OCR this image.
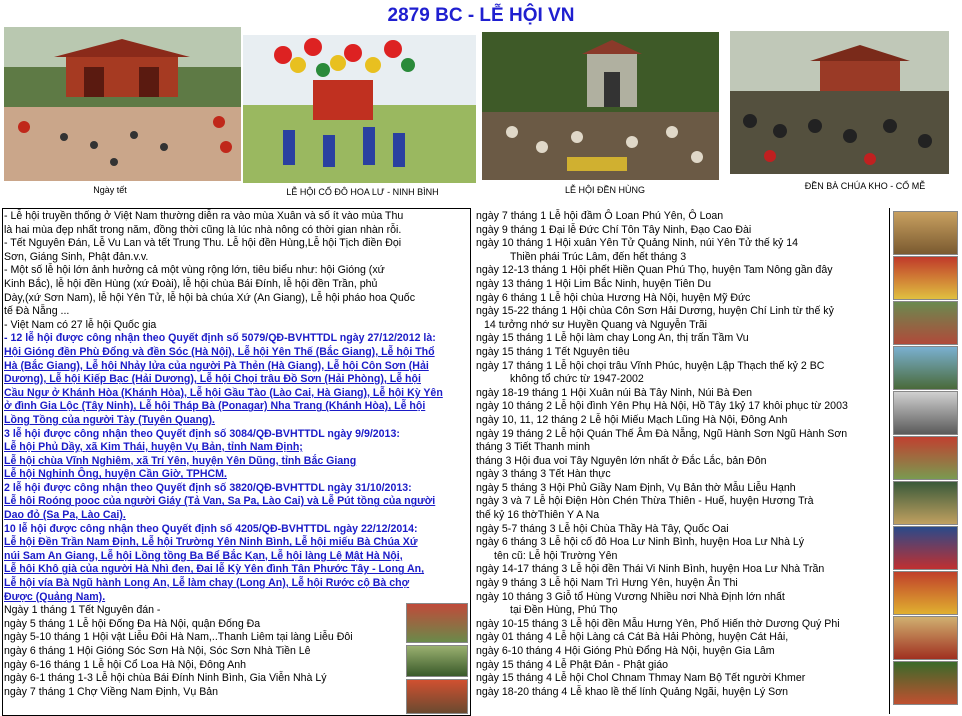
2879 BC - LỄ HỘI VN
Ngày tết	LỄ HỘI CỐ ĐÔ HOA LƯ - NINH BÌNH	LỄ HỘI ĐỀN HÙNG	ĐỀN BÀ CHÚA KHO - CỔ MỄ
- Lễ hội truyền thống ở Việt Nam thường diễn ra vào mùa Xuân và số ít vào mùa Thu
là hai mùa đẹp nhất trong năm, đồng thời cũng là lúc nhà nông có thời gian nhàn rỗi.
- Tết Nguyên Đán, Lễ Vu Lan và tết Trung Thu. Lễ hội đền Hùng,Lễ hội Tịch điền Đọi
Sơn, Giáng Sinh, Phật đản.v.v.
- Một số lễ hội lớn ảnh hưởng cả một vùng rộng lớn, tiêu biểu như: hội Gióng (xứ
Kinh Bắc), lễ hội đền Hùng (xứ Đoài), lễ hội chùa Bái Đính, lễ hội đền Trần, phủ
Dày,(xứ Sơn Nam), lễ hội Yên Tử, lễ hội bà chúa Xứ (An Giang), Lễ hội pháo hoa Quốc
tế Đà Nẵng ...
- Việt Nam có 27 lễ hội Quốc gia
- 12 lễ hội được công nhận theo Quyết định số 5079/QĐ-BVHTTDL ngày 27/12/2012 là:
Hội Gióng đền Phù Đổng và đền Sóc (Hà Nội), Lễ hội Yên Thế (Bắc Giang), Lễ hội Thổ
Hà (Bắc Giang), Lễ hội Nhảy lửa của người Pà Thẻn (Hà Giang), Lễ hội Côn Sơn (Hải
Dương), Lễ hội Kiếp Bạc (Hải Dương), Lễ hội Chọi trâu Đồ Sơn (Hải Phòng), Lễ hội
Cầu Ngư ở Khánh Hòa (Khánh Hòa), Lễ hội Gầu Tào (Lào Cai, Hà Giang), Lễ hội Kỳ Yên
ở đình Gia Lộc (Tây Ninh), Lễ hội Tháp Bà (Ponagar) Nha Trang (Khánh Hòa), Lễ hội
Lồng Tồng của người Tày (Tuyên Quang).
3 lễ hội được công nhận theo Quyết định số 3084/QĐ-BVHTTDL ngày 9/9/2013:
Lễ hội Phủ Dầy, xã Kim Thái, huyện Vụ Bản, tỉnh Nam Định;
Lễ hội chùa Vĩnh Nghiêm, xã Trí Yên, huyện Yên Dũng, tỉnh Bắc Giang
Lễ hội Nghinh Ông, huyện Cần Giờ, TPHCM.
2 lễ hội được công nhận theo Quyết định số 3820/QĐ-BVHTTDL ngày 31/10/2013:
Lễ hội Roóng pooc của người Giáy (Tả Van, Sa Pa, Lào Cai) và Lễ Pút tồng của người
Dao đỏ (Sa Pa, Lào Cai).
10 lễ hội được công nhận theo Quyết định số 4205/QĐ-BVHTTDL ngày 22/12/2014:
Lễ hội Đền Trần Nam Định, Lễ hội Trường Yên Ninh Bình, Lễ hội miếu Bà Chúa Xứ
núi Sam An Giang, Lễ hội Lồng tồng Ba Bể Bắc Kạn, Lễ hội làng Lệ Mật Hà Nội,
Lễ hội Khô già của người Hà Nhì đen, Đại lễ Kỳ Yên đình Tân Phước Tây - Long An,
Lễ hội vía Bà Ngũ hành Long An, Lễ làm chay (Long An), Lễ hội Rước cộ Bà chợ
Được (Quảng Nam).
Ngày 1 tháng 1 Tết Nguyên đán -
ngày 5 tháng 1 Lễ hội Đống Đa Hà Nội, quận Đống Đa
ngày 5-10 tháng 1 Hội vật Liễu Đôi Hà Nam,..Thanh Liêm tại làng Liễu Đôi
ngày 6 tháng 1 Hội Gióng Sóc Sơn Hà Nội, Sóc Sơn Nhà Tiền Lê
ngày 6-16 tháng 1 Lễ hội Cổ Loa Hà Nội, Đông Anh
ngày 6-1 tháng 1-3 Lễ hội chùa Bái Đính Ninh Bình, Gia Viễn Nhà Lý
ngày 7 tháng 1 Chợ Viềng Nam Định, Vụ Bản
ngày 7 tháng 1 Lễ hội đầm Ô Loan Phú Yên, Ô Loan
ngày 9 tháng 1 Đại lễ Đức Chí Tôn Tây Ninh, Đạo Cao Đài
ngày 10 tháng 1 Hội xuân Yên Tử Quảng Ninh, núi Yên Tử thế kỷ 14
Thiền phái Trúc Lâm, đến hết tháng 3
ngày 12-13 tháng 1 Hội phết Hiền Quan Phú Thọ, huyện Tam Nông gần đây
ngày 13 tháng 1 Hội Lim Bắc Ninh, huyện Tiên Du
ngày 6 tháng 1 Lễ hội chùa Hương Hà Nội, huyện Mỹ Đức
ngày 15-22 tháng 1 Hội chùa Côn Sơn Hải Dương, huyện Chí Linh từ thế kỷ
14 tưởng nhớ sư Huyền Quang và Nguyễn Trãi
ngày 15 tháng 1 Lễ hội làm chay Long An, thị trấn Tầm Vu
ngày 15 tháng 1 Tết Nguyên tiêu
ngày 17 tháng 1 Lễ hội chọi trâu Vĩnh Phúc, huyện Lập Thạch thế kỷ 2 BC
không tổ chức từ 1947-2002
ngày 18-19 tháng 1 Hội Xuân núi Bà Tây Ninh, Núi Bà Đen
ngày 10 tháng 2 Lễ hội đình Yên Phụ Hà Nội, Hồ Tây 1kỷ 17 khôi phục từ 2003
ngày 10, 11, 12 tháng 2 Lễ hội Miếu Mạch Lũng Hà Nội, Đông Anh
ngày 19 tháng 2 Lễ hội Quán Thế Âm Đà Nẵng, Ngũ Hành Sơn Ngũ Hành Sơn
tháng 3 Tiết Thanh minh
tháng 3 Hội đua voi Tây Nguyên lớn nhất ở Đắc Lắc, bản Đôn
ngày 3 tháng 3 Tết Hàn thực
ngày 5 tháng 3 Hội Phủ Giầy Nam Định, Vụ Bản thờ Mẫu Liễu Hạnh
ngày 3 và 7 Lễ hội Điện Hòn Chén Thừa Thiên - Huế, huyện Hương Trà
thế kỷ 16 thờThiên Y A Na
ngày 5-7 tháng 3 Lễ hội Chùa Thầy Hà Tây, Quốc Oai
ngày 6 tháng 3 Lễ hội cố đô Hoa Lư Ninh Bình, huyện Hoa Lư Nhà Lý
tên cũ: Lễ hội Trường Yên
ngày 14-17 tháng 3 Lễ hội đền Thái Vi Ninh Bình, huyện Hoa Lư Nhà Trần
ngày 9 tháng 3 Lễ hội Nam Trì Hưng Yên, huyện Ân Thi
ngày 10 tháng 3 Giỗ tổ Hùng Vương Nhiều nơi Nhà Định lớn nhất
tại Đền Hùng, Phú Thọ
ngày 10-15 tháng 3 Lễ hội đền Mẫu Hưng Yên, Phố Hiến thờ Dương Quý Phi
ngày 01 tháng 4 Lễ hội Làng cá Cát Bà Hải Phòng, huyện Cát Hải,
ngày 6-10 tháng 4 Hội Gióng Phù Đổng Hà Nội, huyện Gia Lâm
ngày 15 tháng 4 Lễ Phật Đản - Phật giáo
ngày 15 tháng 4 Lễ hội Chol Chnam Thmay Nam Bộ Tết người Khmer
ngày 18-20 tháng 4 Lễ khao lề thế lính Quảng Ngãi, huyện Lý Sơn
